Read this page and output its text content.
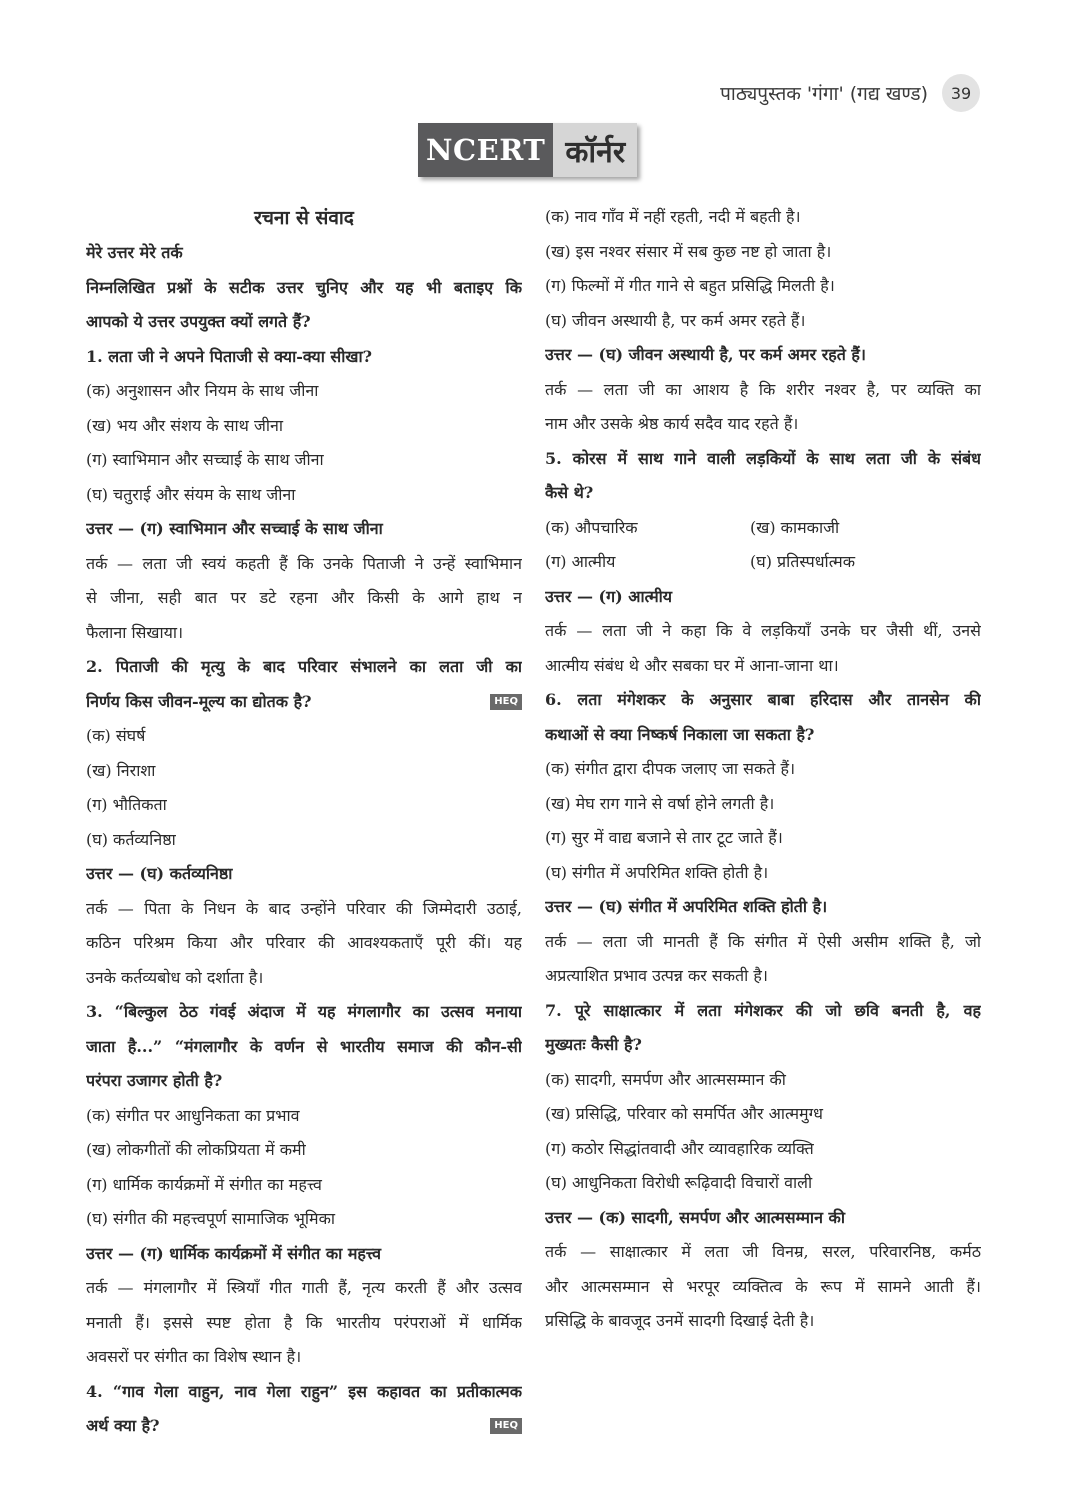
पाठ्यपुस्तक 'गंगा' (गद्य खण्ड)	39
NCERT कॉर्नर
रचना से संवाद
मेरे उत्तर मेरे तर्क
निम्नलिखित प्रश्नों के सटीक उत्तर चुनिए और यह भी बताइए कि
आपको ये उत्तर उपयुक्त क्यों लगते हैं?
1. लता जी ने अपने पिताजी से क्या-क्या सीखा?
(क) अनुशासन और नियम के साथ जीना
(ख) भय और संशय के साथ जीना
(ग) स्वाभिमान और सच्चाई के साथ जीना
(घ) चतुराई और संयम के साथ जीना
उत्तर — (ग) स्वाभिमान और सच्चाई के साथ जीना
तर्क — लता जी स्वयं कहती हैं कि उनके पिताजी ने उन्हें स्वाभिमान
से जीना, सही बात पर डटे रहना और किसी के आगे हाथ न
फैलाना सिखाया।
2. पिताजी की मृत्यु के बाद परिवार संभालने का लता जी का
निर्णय किस जीवन-मूल्य का द्योतक है?	HEQ
(क) संघर्ष
(ख) निराशा
(ग) भौतिकता
(घ) कर्तव्यनिष्ठा
उत्तर — (घ) कर्तव्यनिष्ठा
तर्क — पिता के निधन के बाद उन्होंने परिवार की जिम्मेदारी उठाई,
कठिन परिश्रम किया और परिवार की आवश्यकताएँ पूरी कीं। यह
उनके कर्तव्यबोध को दर्शाता है।
3. “बिल्कुल ठेठ गंवई अंदाज में यह मंगलागौर का उत्सव मनाया
जाता है...” “मंगलागौर के वर्णन से भारतीय समाज की कौन-सी
परंपरा उजागर होती है?
(क) संगीत पर आधुनिकता का प्रभाव
(ख) लोकगीतों की लोकप्रियता में कमी
(ग) धार्मिक कार्यक्रमों में संगीत का महत्त्व
(घ) संगीत की महत्त्वपूर्ण सामाजिक भूमिका
उत्तर — (ग) धार्मिक कार्यक्रमों में संगीत का महत्त्व
तर्क — मंगलागौर में स्त्रियाँ गीत गाती हैं, नृत्य करती हैं और उत्सव
मनाती हैं। इससे स्पष्ट होता है कि भारतीय परंपराओं में धार्मिक
अवसरों पर संगीत का विशेष स्थान है।
4. “गाव गेला वाहुन, नाव गेला राहुन” इस कहावत का प्रतीकात्मक
अर्थ क्या है?	HEQ
(क) नाव गाँव में नहीं रहती, नदी में बहती है।
(ख) इस नश्वर संसार में सब कुछ नष्ट हो जाता है।
(ग) फिल्मों में गीत गाने से बहुत प्रसिद्धि मिलती है।
(घ) जीवन अस्थायी है, पर कर्म अमर रहते हैं।
उत्तर — (घ) जीवन अस्थायी है, पर कर्म अमर रहते हैं।
तर्क — लता जी का आशय है कि शरीर नश्वर है, पर व्यक्ति का
नाम और उसके श्रेष्ठ कार्य सदैव याद रहते हैं।
5. कोरस में साथ गाने वाली लड़कियों के साथ लता जी के संबंध
कैसे थे?
(क) औपचारिक	(ख) कामकाजी
(ग) आत्मीय	(घ) प्रतिस्पर्धात्मक
उत्तर — (ग) आत्मीय
तर्क — लता जी ने कहा कि वे लड़कियाँ उनके घर जैसी थीं, उनसे
आत्मीय संबंध थे और सबका घर में आना-जाना था।
6. लता मंगेशकर के अनुसार बाबा हरिदास और तानसेन की
कथाओं से क्या निष्कर्ष निकाला जा सकता है?
(क) संगीत द्वारा दीपक जलाए जा सकते हैं।
(ख) मेघ राग गाने से वर्षा होने लगती है।
(ग) सुर में वाद्य बजाने से तार टूट जाते हैं।
(घ) संगीत में अपरिमित शक्ति होती है।
उत्तर — (घ) संगीत में अपरिमित शक्ति होती है।
तर्क — लता जी मानती हैं कि संगीत में ऐसी असीम शक्ति है, जो
अप्रत्याशित प्रभाव उत्पन्न कर सकती है।
7. पूरे साक्षात्कार में लता मंगेशकर की जो छवि बनती है, वह
मुख्यतः कैसी है?
(क) सादगी, समर्पण और आत्मसम्मान की
(ख) प्रसिद्धि, परिवार को समर्पित और आत्ममुग्ध
(ग) कठोर सिद्धांतवादी और व्यावहारिक व्यक्ति
(घ) आधुनिकता विरोधी रूढ़िवादी विचारों वाली
उत्तर — (क) सादगी, समर्पण और आत्मसम्मान की
तर्क — साक्षात्कार में लता जी विनम्र, सरल, परिवारनिष्ठ, कर्मठ
और आत्मसम्मान से भरपूर व्यक्तित्व के रूप में सामने आती हैं।
प्रसिद्धि के बावजूद उनमें सादगी दिखाई देती है।
